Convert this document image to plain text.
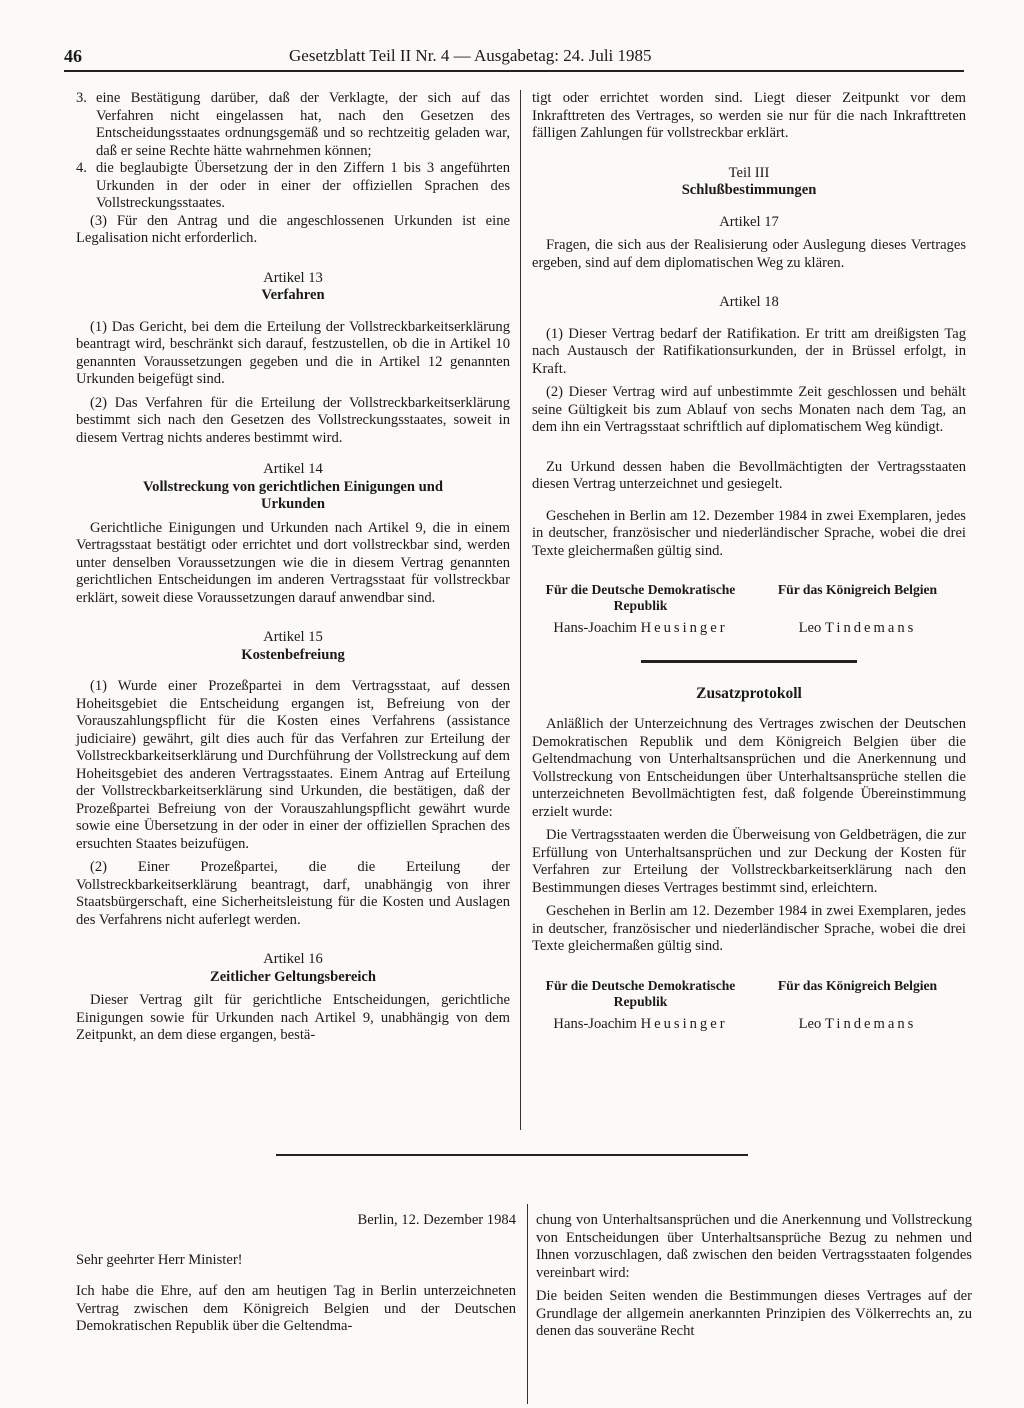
46	Gesetzblatt Teil II Nr. 4 — Ausgabetag: 24. Juli 1985
3. eine Bestätigung darüber, daß der Verklagte, der sich auf das Verfahren nicht eingelassen hat, nach den Gesetzen des Entscheidungsstaates ordnungsgemäß und so rechtzeitig geladen war, daß er seine Rechte hätte wahrnehmen können;

4. die beglaubigte Übersetzung der in den Ziffern 1 bis 3 angeführten Urkunden in der oder in einer der offiziellen Sprachen des Vollstreckungsstaates.

(3) Für den Antrag und die angeschlossenen Urkunden ist eine Legalisation nicht erforderlich.

Artikel 13

Verfahren

(1) Das Gericht, bei dem die Erteilung der Vollstreckbarkeitserklärung beantragt wird, beschränkt sich darauf, festzustellen, ob die in Artikel 10 genannten Voraussetzungen gegeben und die in Artikel 12 genannten Urkunden beigefügt sind.

(2) Das Verfahren für die Erteilung der Vollstreckbarkeitserklärung bestimmt sich nach den Gesetzen des Vollstreckungsstaates, soweit in diesem Vertrag nichts anderes bestimmt wird.

Artikel 14

Vollstreckung von gerichtlichen Einigungen und Urkunden

Gerichtliche Einigungen und Urkunden nach Artikel 9, die in einem Vertragsstaat bestätigt oder errichtet und dort vollstreckbar sind, werden unter denselben Voraussetzungen wie die in diesem Vertrag genannten gerichtlichen Entscheidungen im anderen Vertragsstaat für vollstreckbar erklärt, soweit diese Voraussetzungen darauf anwendbar sind.

Artikel 15

Kostenbefreiung

(1) Wurde einer Prozeßpartei in dem Vertragsstaat, auf dessen Hoheitsgebiet die Entscheidung ergangen ist, Befreiung von der Vorauszahlungspflicht für die Kosten eines Verfahrens (assistance judiciaire) gewährt, gilt dies auch für das Verfahren zur Erteilung der Vollstreckbarkeitserklärung und Durchführung der Vollstreckung auf dem Hoheitsgebiet des anderen Vertragsstaates. Einem Antrag auf Erteilung der Vollstreckbarkeitserklärung sind Urkunden, die bestätigen, daß der Prozeßpartei Befreiung von der Vorauszahlungspflicht gewährt wurde sowie eine Übersetzung in der oder in einer der offiziellen Sprachen des ersuchten Staates beizufügen.

(2) Einer Prozeßpartei, die die Erteilung der Vollstreckbarkeitserklärung beantragt, darf, unabhängig von ihrer Staatsbürgerschaft, eine Sicherheitsleistung für die Kosten und Auslagen des Verfahrens nicht auferlegt werden.

Artikel 16

Zeitlicher Geltungsbereich

Dieser Vertrag gilt für gerichtliche Entscheidungen, gerichtliche Einigungen sowie für Urkunden nach Artikel 9, unabhängig von dem Zeitpunkt, an dem diese ergangen, bestä-

tigt oder errichtet worden sind. Liegt dieser Zeitpunkt vor dem Inkrafttreten des Vertrages, so werden sie nur für die nach Inkrafttreten fälligen Zahlungen für vollstreckbar erklärt.

Teil III

Schlußbestimmungen

Artikel 17

Fragen, die sich aus der Realisierung oder Auslegung dieses Vertrages ergeben, sind auf dem diplomatischen Weg zu klären.

Artikel 18

(1) Dieser Vertrag bedarf der Ratifikation. Er tritt am dreißigsten Tag nach Austausch der Ratifikationsurkunden, der in Brüssel erfolgt, in Kraft.

(2) Dieser Vertrag wird auf unbestimmte Zeit geschlossen und behält seine Gültigkeit bis zum Ablauf von sechs Monaten nach dem Tag, an dem ihn ein Vertragsstaat schriftlich auf diplomatischem Weg kündigt.

Zu Urkund dessen haben die Bevollmächtigten der Vertragsstaaten diesen Vertrag unterzeichnet und gesiegelt.

Geschehen in Berlin am 12. Dezember 1984 in zwei Exemplaren, jedes in deutscher, französischer und niederländischer Sprache, wobei die drei Texte gleichermaßen gültig sind.

Für die Deutsche Demokratische Republik
Für das Königreich Belgien
Hans-Joachim Heusinger	Leo Tindemans

Zusatzprotokoll

Anläßlich der Unterzeichnung des Vertrages zwischen der Deutschen Demokratischen Republik und dem Königreich Belgien über die Geltendmachung von Unterhaltsansprüchen und die Anerkennung und Vollstreckung von Entscheidungen über Unterhaltsansprüche stellen die unterzeichneten Bevollmächtigten fest, daß folgende Übereinstimmung erzielt wurde:

Die Vertragsstaaten werden die Überweisung von Geldbeträgen, die zur Erfüllung von Unterhaltsansprüchen und zur Deckung der Kosten für Verfahren zur Erteilung der Vollstreckbarkeitserklärung nach den Bestimmungen dieses Vertrages bestimmt sind, erleichtern.

Geschehen in Berlin am 12. Dezember 1984 in zwei Exemplaren, jedes in deutscher, französischer und niederländischer Sprache, wobei die drei Texte gleichermaßen gültig sind.

Für die Deutsche Demokratische Republik
Für das Königreich Belgien
Hans-Joachim Heusinger	Leo Tindemans

Berlin, 12. Dezember 1984

Sehr geehrter Herr Minister!

Ich habe die Ehre, auf den am heutigen Tag in Berlin unterzeichneten Vertrag zwischen dem Königreich Belgien und der Deutschen Demokratischen Republik über die Geltendma-

chung von Unterhaltsansprüchen und die Anerkennung und Vollstreckung von Entscheidungen über Unterhaltsansprüche Bezug zu nehmen und Ihnen vorzuschlagen, daß zwischen den beiden Vertragsstaaten folgendes vereinbart wird:

Die beiden Seiten wenden die Bestimmungen dieses Vertrages auf der Grundlage der allgemein anerkannten Prinzipien des Völkerrechts an, zu denen das souveräne Recht
